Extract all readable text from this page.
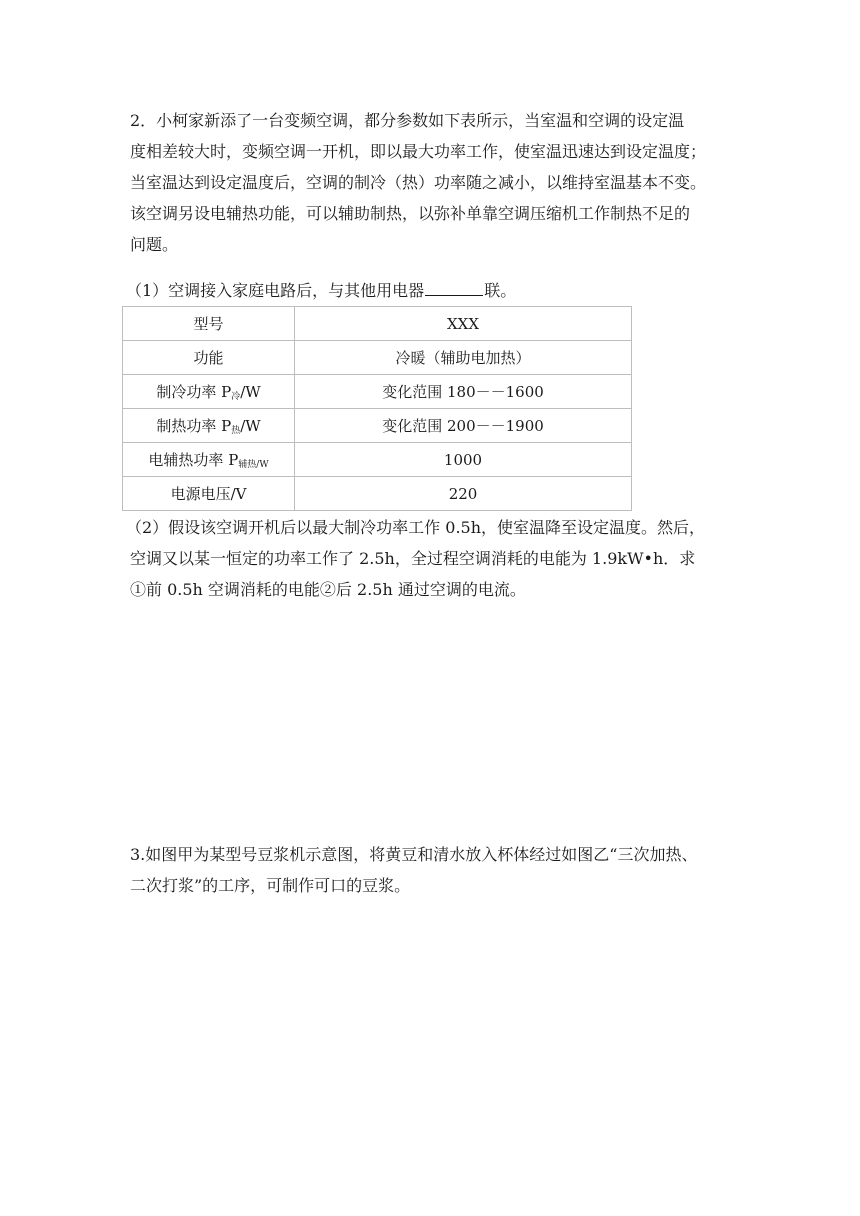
2．小柯家新添了一台变频空调，都分参数如下表所示，当室温和空调的设定温
度相差较大时，变频空调一开机，即以最大功率工作，使室温迅速达到设定温度；
当室温达到设定温度后，空调的制冷（热）功率随之减小，以维持室温基本不变。
该空调另设电辅热功能，可以辅助制热，以弥补单靠空调压缩机工作制热不足的
问题。
（1）空调接入家庭电路后，与其他用电器	联。
型号	XXX
功能	冷暖（辅助电加热）
制冷功率 $P_冷/W$	变化范围 180－－1600
制热功率 $P_热/W$	变化范围 200－－1900
电辅热功率 $P_{辅热/W}$	1000
电源电压/V	220
（2）假设该空调开机后以最大制冷功率工作 0.5h，使室温降至设定温度。然后，
空调又以某一恒定的功率工作了 2.5h，全过程空调消耗的电能为 1.9kW•h．求
①前 0.5h 空调消耗的电能②后 2.5h 通过空调的电流。
3.如图甲为某型号豆浆机示意图，将黄豆和清水放入杯体经过如图乙“三次加热、
二次打浆”的工序，可制作可口的豆浆。
